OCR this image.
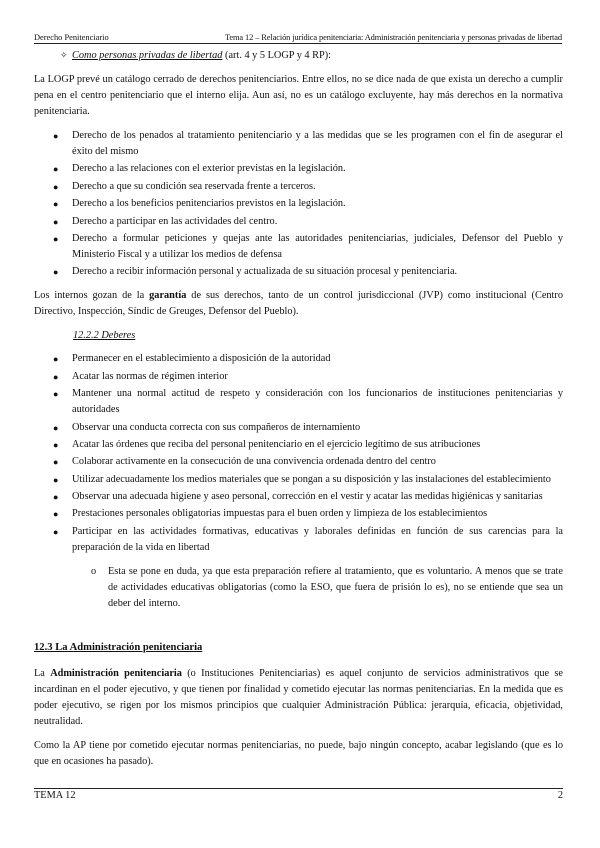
Derecho Penitenciario	Tema 12 – Relación jurídica penitenciaria: Administración penitenciaria y personas privadas de libertad
✧ Como personas privadas de libertad (art. 4 y 5 LOGP y 4 RP):

La LOGP prevé un catálogo cerrado de derechos penitenciarios. Entre ellos, no se dice nada de que exista un derecho a cumplir pena en el centro penitenciario que el interno elija. Aun así, no es un catálogo excluyente, hay más derechos en la normativa penitenciaria.

● Derecho de los penados al tratamiento penitenciario y a las medidas que se les programen con el fin de asegurar el éxito del mismo
● Derecho a las relaciones con el exterior previstas en la legislación.
● Derecho a que su condición sea reservada frente a terceros.
● Derecho a los beneficios penitenciarios previstos en la legislación.
● Derecho a participar en las actividades del centro.
● Derecho a formular peticiones y quejas ante las autoridades penitenciarias, judiciales, Defensor del Pueblo y Ministerio Fiscal y a utilizar los medios de defensa
● Derecho a recibir información personal y actualizada de su situación procesal y penitenciaria.

Los internos gozan de la garantía de sus derechos, tanto de un control jurisdiccional (JVP) como institucional (Centro Directivo, Inspección, Síndic de Greuges, Defensor del Pueblo).

12.2.2 Deberes
● Permanecer en el establecimiento a disposición de la autoridad
● Acatar las normas de régimen interior
● Mantener una normal actitud de respeto y consideración con los funcionarios de instituciones penitenciarias y autoridades
● Observar una conducta correcta con sus compañeros de internamiento
● Acatar las órdenes que reciba del personal penitenciario en el ejercicio legítimo de sus atribuciones
● Colaborar activamente en la consecución de una convivencia ordenada dentro del centro
● Utilizar adecuadamente los medios materiales que se pongan a su disposición y las instalaciones del establecimiento
● Observar una adecuada higiene y aseo personal, corrección en el vestir y acatar las medidas higiénicas y sanitarias
● Prestaciones personales obligatorias impuestas para el buen orden y limpieza de los establecimientos
● Participar en las actividades formativas, educativas y laborales definidas en función de sus carencias para la preparación de la vida en libertad
o Esta se pone en duda, ya que esta preparación refiere al tratamiento, que es voluntario. A menos que se trate de actividades educativas obligatorias (como la ESO, que fuera de prisión lo es), no se entiende que sea un deber del interno.
12.3 La Administración penitenciaria

La Administración penitenciaria (o Instituciones Penitenciarias) es aquel conjunto de servicios administrativos que se incardinan en el poder ejecutivo, y que tienen por finalidad y cometido ejecutar las normas penitenciarias. En la medida que es poder ejecutivo, se rigen por los mismos principios que cualquier Administración Pública: jerarquía, eficacia, objetividad, neutralidad.

Como la AP tiene por cometido ejecutar normas penitenciarias, no puede, bajo ningún concepto, acabar legislando (que es lo que en ocasiones ha pasado).

TEMA 12	2
